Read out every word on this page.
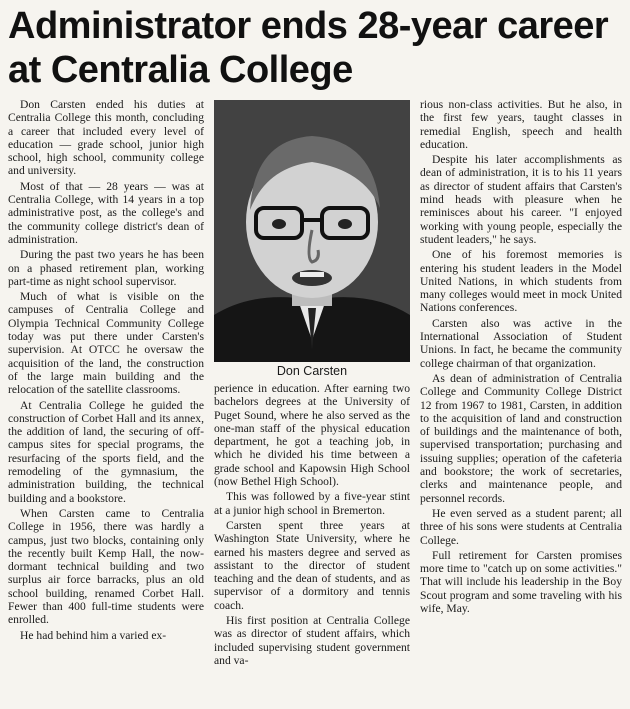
Administrator ends 28-year career at Centralia College

Don Carsten ended his duties at Centralia College this month, concluding a career that included every level of education — grade school, junior high school, high school, community college and university.

Most of that — 28 years — was at Centralia College, with 14 years in a top administrative post, as the college's and the community college district's dean of administration.

During the past two years he has been on a phased retirement plan, working part-time as night school supervisor.

Much of what is visible on the campuses of Centralia College and Olympia Technical Community College today was put there under Carsten's supervision. At OTCC he oversaw the acquisition of the land, the construction of the large main building and the relocation of the satellite classrooms.

At Centralia College he guided the construction of Corbet Hall and its annex, the addition of land, the securing of off-campus sites for special programs, the resurfacing of the sports field, and the remodeling of the gymnasium, the administration building, the technical building and a bookstore.

When Carsten came to Centralia College in 1956, there was hardly a campus, just two blocks, containing only the recently built Kemp Hall, the now-dormant technical building and two surplus air force barracks, plus an old school building, renamed Corbet Hall. Fewer than 400 full-time students were enrolled.

He had behind him a varied ex-

Don Carsten

perience in education. After earning two bachelors degrees at the University of Puget Sound, where he also served as the one-man staff of the physical education department, he got a teaching job, in which he divided his time between a grade school and Kapowsin High School (now Bethel High School).

This was followed by a five-year stint at a junior high school in Bremerton.

Carsten spent three years at Washington State University, where he earned his masters degree and served as assistant to the director of student teaching and the dean of students, and as supervisor of a dormitory and tennis coach.

His first position at Centralia College was as director of student affairs, which included supervising student government and va-

rious non-class activities. But he also, in the first few years, taught classes in remedial English, speech and health education.

Despite his later accomplishments as dean of administration, it is to his 11 years as director of student affairs that Carsten's mind heads with pleasure when he reminisces about his career. "I enjoyed working with young people, especially the student leaders," he says.

One of his foremost memories is entering his student leaders in the Model United Nations, in which students from many colleges would meet in mock United Nations conferences.

Carsten also was active in the International Association of Student Unions. In fact, he became the community college chairman of that organization.

As dean of administration of Centralia College and Community College District 12 from 1967 to 1981, Carsten, in addition to the acquisition of land and construction of buildings and the maintenance of both, supervised transportation; purchasing and issuing supplies; operation of the cafeteria and bookstore; the work of secretaries, clerks and maintenance people, and personnel records.

He even served as a student parent; all three of his sons were students at Centralia College.

Full retirement for Carsten promises more time to "catch up on some activities." That will include his leadership in the Boy Scout program and some traveling with his wife, May.
